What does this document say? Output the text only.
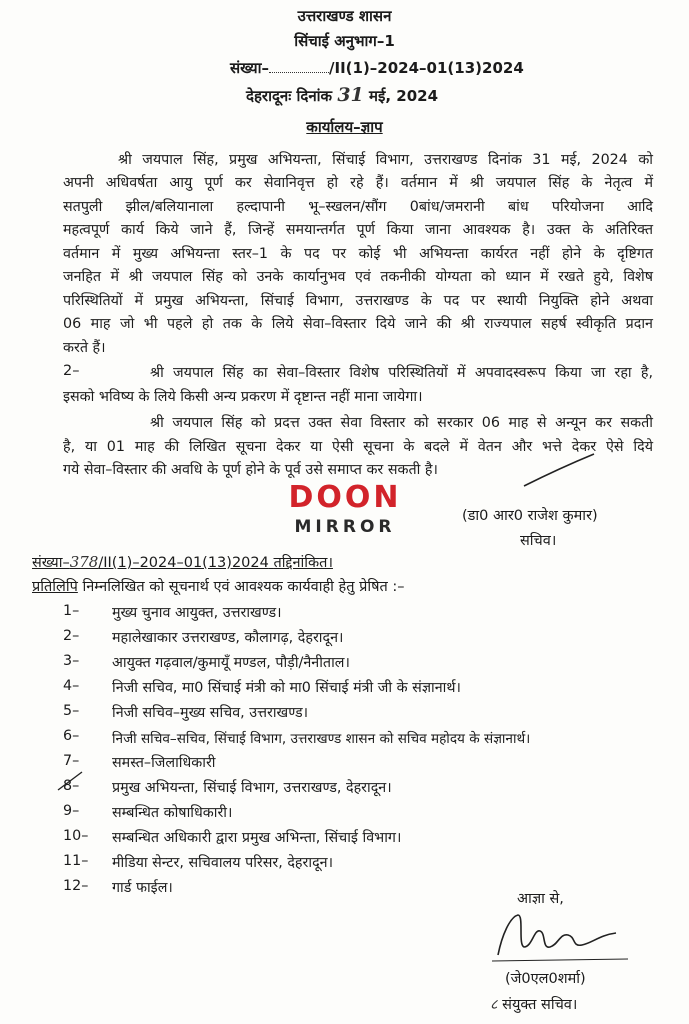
उत्तराखण्ड शासन
सिंचाई अनुभाग–1
संख्या–	/II(1)–2024–01(13)2024
देहरादूनः दिनांक 31 मई, 2024
कार्यालय–ज्ञाप
श्री जयपाल सिंह, प्रमुख अभियन्ता, सिंचाई विभाग, उत्तराखण्ड दिनांक 31 मई, 2024 को
अपनी अधिवर्षता आयु पूर्ण कर सेवानिवृत्त हो रहे हैं। वर्तमान में श्री जयपाल सिंह के नेतृत्व में
सतपुली झील/बलियानाला हल्दापानी भू–स्खलन/सौंग 0बांध/जमरानी बांध परियोजना आदि
महत्वपूर्ण कार्य किये जाने हैं, जिन्हें समयान्तर्गत पूर्ण किया जाना आवश्यक है। उक्त के अतिरिक्त
वर्तमान में मुख्य अभियन्ता स्तर–1 के पद पर कोई भी अभियन्ता कार्यरत नहीं होने के दृष्टिगत
जनहित में श्री जयपाल सिंह को उनके कार्यानुभव एवं तकनीकी योग्यता को ध्यान में रखते हुये, विशेष
परिस्थितियों में प्रमुख अभियन्ता, सिंचाई विभाग, उत्तराखण्ड के पद पर स्थायी नियुक्ति होने अथवा
06 माह जो भी पहले हो तक के लिये सेवा–विस्तार दिये जाने की श्री राज्यपाल सहर्ष स्वीकृति प्रदान
करते हैं।
2–	श्री जयपाल सिंह का सेवा–विस्तार विशेष परिस्थितियों में अपवादस्वरूप किया जा रहा है,
इसको भविष्य के लिये किसी अन्य प्रकरण में दृष्टान्त नहीं माना जायेगा।
श्री जयपाल सिंह को प्रदत्त उक्त सेवा विस्तार को सरकार 06 माह से अन्यून कर सकती
है, या 01 माह की लिखित सूचना देकर या ऐसी सूचना के बदले में वेतन और भत्ते देकर ऐसे दिये
गये सेवा–विस्तार की अवधि के पूर्ण होने के पूर्व उसे समाप्त कर सकती है।
DOON
MIRROR
(डा0 आर0 राजेश कुमार)
सचिव।
संख्या–378/II(1)–2024–01(13)2024 तद्दिनांकित।
प्रतिलिपि निम्नलिखित को सूचनार्थ एवं आवश्यक कार्यवाही हेतु प्रेषित :–
1–	मुख्य चुनाव आयुक्त, उत्तराखण्ड।
2–	महालेखाकार उत्तराखण्ड, कौलागढ़, देहरादून।
3–	आयुक्त गढ़वाल/कुमायूँ मण्डल, पौड़ी/नैनीताल।
4–	निजी सचिव, मा0 सिंचाई मंत्री को मा0 सिंचाई मंत्री जी के संज्ञानार्थ।
5–	निजी सचिव–मुख्य सचिव, उत्तराखण्ड।
6–	निजी सचिव–सचिव, सिंचाई विभाग, उत्तराखण्ड शासन को सचिव महोदय के संज्ञानार्थ।
7–	समस्त–जिलाधिकारी
8–	प्रमुख अभियन्ता, सिंचाई विभाग, उत्तराखण्ड, देहरादून।
9–	सम्बन्धित कोषाधिकारी।
10–	सम्बन्धित अधिकारी द्वारा प्रमुख अभिन्ता, सिंचाई विभाग।
11–	मीडिया सेन्टर, सचिवालय परिसर, देहरादून।
12–	गार्ड फाईल।
आज्ञा से,
(जे0एल0शर्मा)
८ संयुक्त सचिव।
